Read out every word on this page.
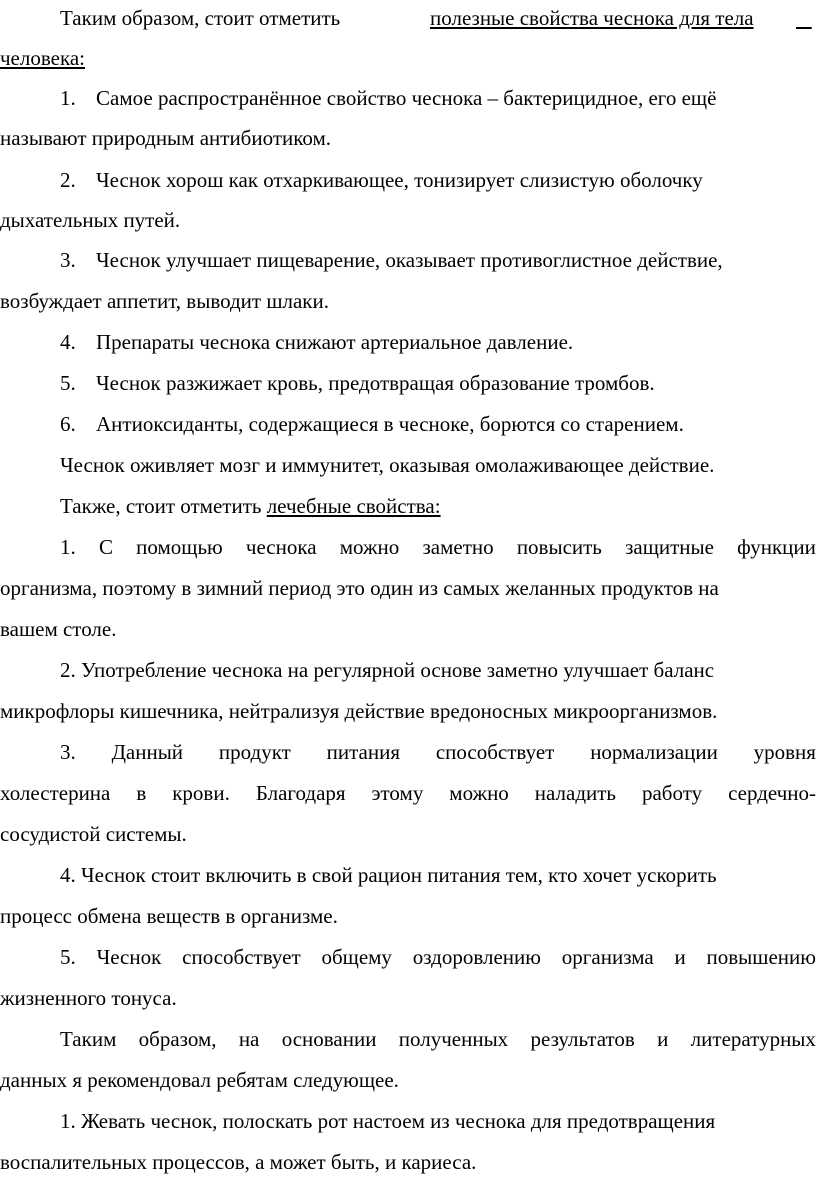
Таким образом, стоит отметить	полезные свойства чеснока для тела

человека:
1. Самое распространённое свойство чеснока – бактерицидное, его ещё
называют природным антибиотиком.
2. Чеснок хорош как отхаркивающее, тонизирует слизистую оболочку
дыхательных путей.
3. Чеснок улучшает пищеварение, оказывает противоглистное действие,
возбуждает аппетит, выводит шлаки.
4. Препараты чеснока снижают артериальное давление.
5. Чеснок разжижает кровь, предотвращая образование тромбов.
6. Антиоксиданты, содержащиеся в чесноке, борются со старением.
Чеснок оживляет мозг и иммунитет, оказывая омолаживающее действие.
Также, стоит отметить лечебные свойства:
1. С помощью чеснока можно заметно повысить защитные функции
организма, поэтому в зимний период это один из самых желанных продуктов на
вашем столе.
2. Употребление чеснока на регулярной основе заметно улучшает баланс
микрофлоры кишечника, нейтрализуя действие вредоносных микроорганизмов.
3. Данный продукт питания способствует нормализации уровня
холестерина в крови. Благодаря этому можно наладить работу сердечно-
сосудистой системы.
4. Чеснок стоит включить в свой рацион питания тем, кто хочет ускорить
процесс обмена веществ в организме.
5. Чеснок способствует общему оздоровлению организма и повышению
жизненного тонуса.
Таким образом, на основании полученных результатов и литературных
данных я рекомендовал ребятам следующее.
1. Жевать чеснок, полоскать рот настоем из чеснока для предотвращения
воспалительных процессов, а может быть, и кариеса.
